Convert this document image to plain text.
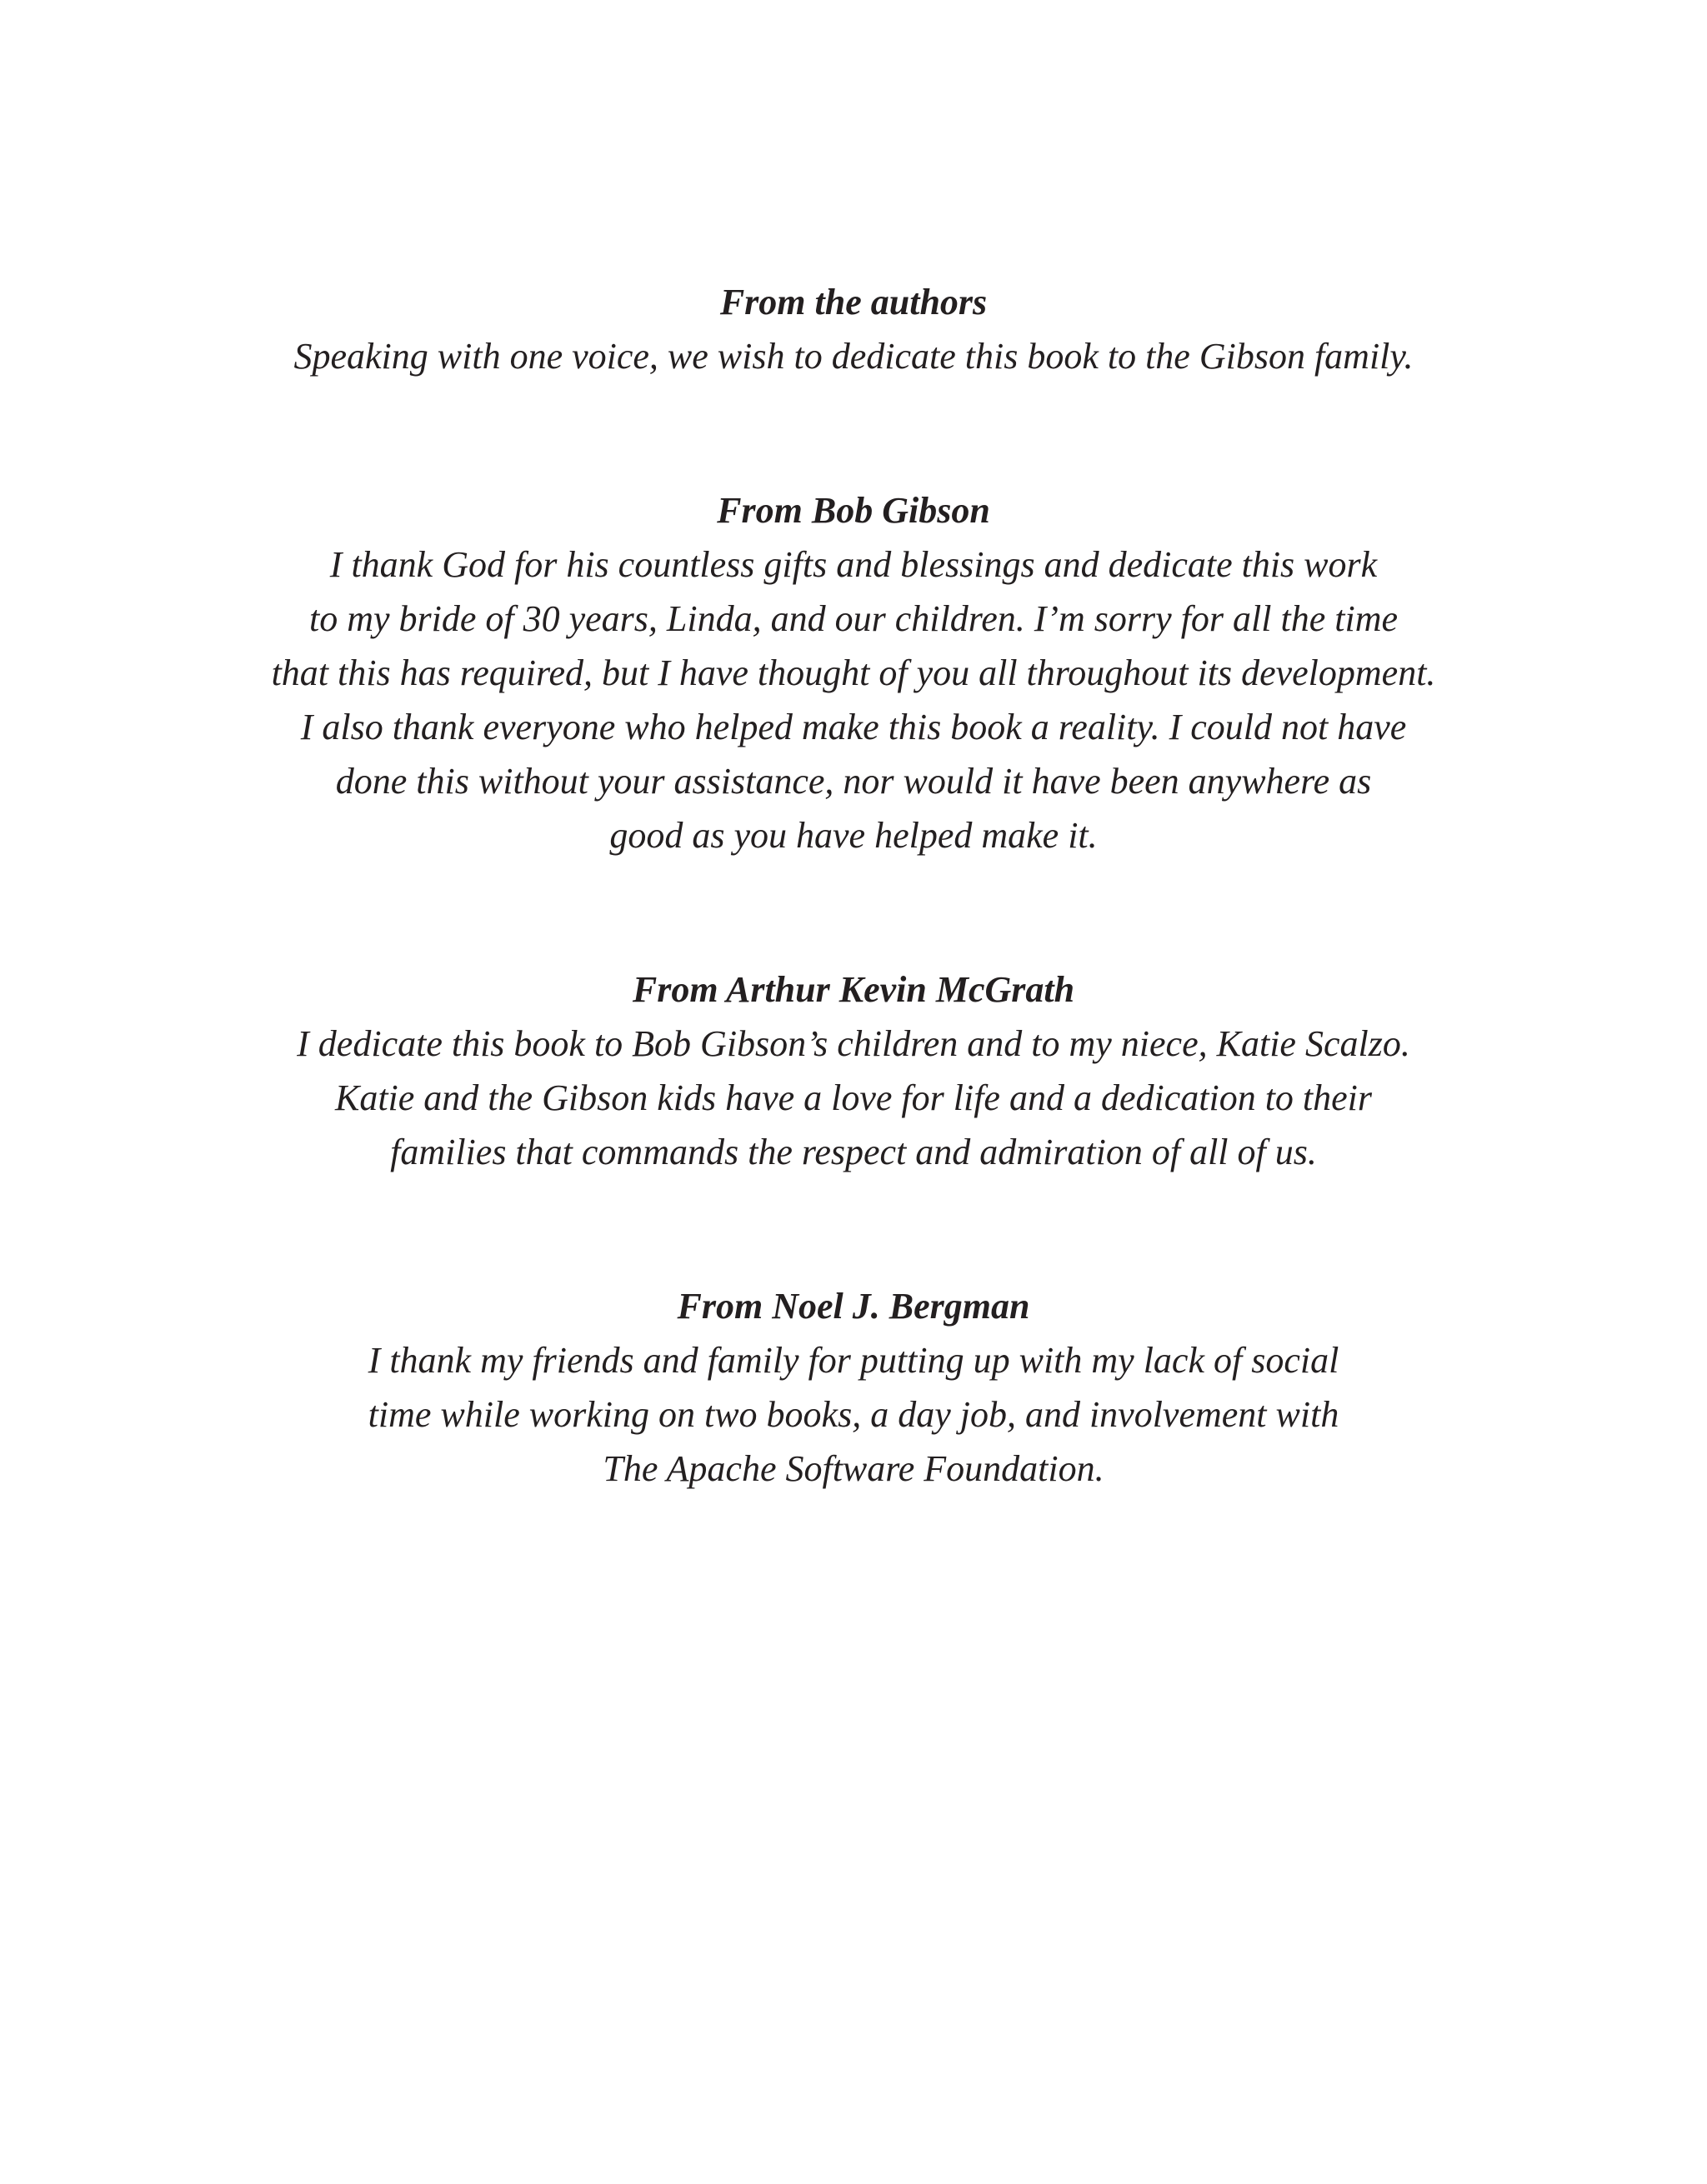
From the authors
Speaking with one voice, we wish to dedicate this book to the Gibson family.
From Bob Gibson
I thank God for his countless gifts and blessings and dedicate this work
to my bride of 30 years, Linda, and our children. I’m sorry for all the time
that this has required, but I have thought of you all throughout its development.
I also thank everyone who helped make this book a reality. I could not have
done this without your assistance, nor would it have been anywhere as
good as you have helped make it.
From Arthur Kevin McGrath
I dedicate this book to Bob Gibson’s children and to my niece, Katie Scalzo.
Katie and the Gibson kids have a love for life and a dedication to their
families that commands the respect and admiration of all of us.
From Noel J. Bergman
I thank my friends and family for putting up with my lack of social
time while working on two books, a day job, and involvement with
The Apache Software Foundation.
